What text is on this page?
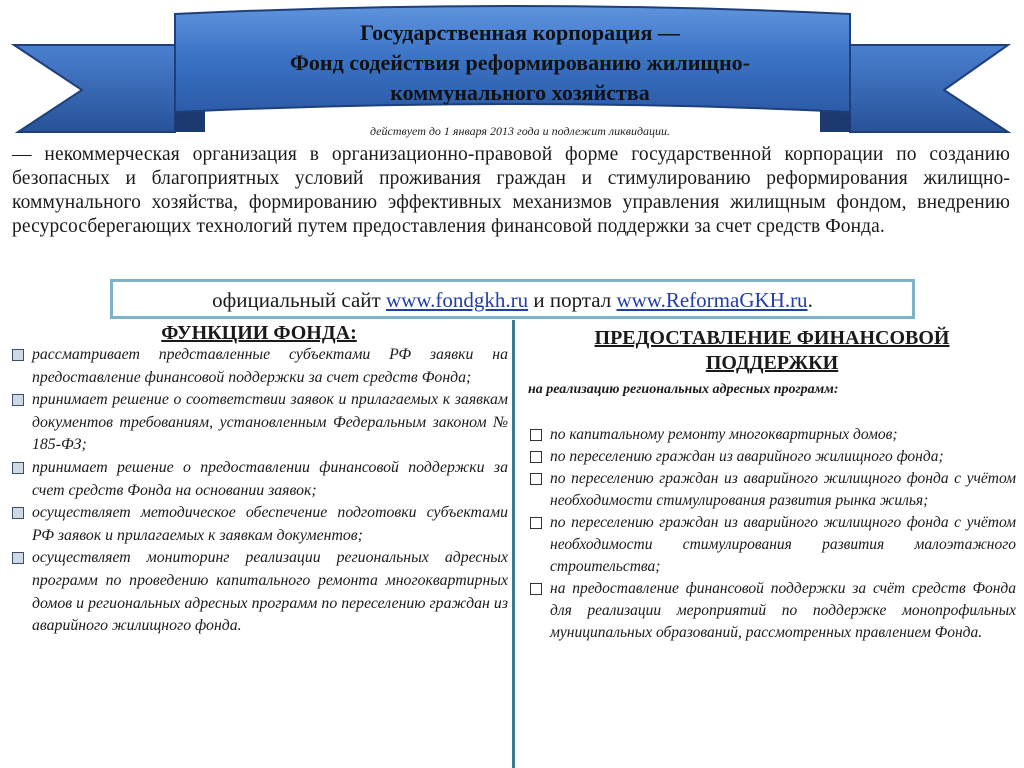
Государственная корпорация —
Фонд содействия реформированию жилищно-
коммунального хозяйства
действует до 1 января 2013 года и подлежит ликвидации.
— некоммерческая организация в организационно-правовой форме государственной корпорации по созданию безопасных и благоприятных условий проживания граждан и стимулированию реформирования жилищно-коммунального хозяйства, формированию эффективных механизмов управления жилищным фондом, внедрению ресурсосберегающих технологий путем предоставления финансовой поддержки за счет средств Фонда.
официальный сайт www.fondgkh.ru и портал www.ReformaGKH.ru.
ФУНКЦИИ ФОНДА:
рассматривает представленные субъектами РФ заявки на предоставление финансовой поддержки за счет средств Фонда;
принимает решение о соответствии заявок и прилагаемых к заявкам документов требованиям, установленным Федеральным законом № 185-ФЗ;
принимает решение о предоставлении финансовой поддержки за счет средств Фонда на основании заявок;
осуществляет методическое обеспечение подготовки субъектами РФ заявок и прилагаемых к заявкам документов;
осуществляет мониторинг реализации региональных адресных программ по проведению капитального ремонта многоквартирных домов и региональных адресных программ по переселению граждан из аварийного жилищного фонда.
ПРЕДОСТАВЛЕНИЕ ФИНАНСОВОЙ
ПОДДЕРЖКИ
на реализацию региональных адресных программ:
по капитальному ремонту многоквартирных домов;
по переселению граждан из аварийного жилищного фонда;
по переселению граждан из аварийного жилищного фонда с учётом необходимости стимулирования развития рынка жилья;
по переселению граждан из аварийного жилищного фонда с учётом необходимости стимулирования развития малоэтажного строительства;
на предоставление финансовой поддержки за счёт средств Фонда для реализации мероприятий по поддержке монопрофильных муниципальных образований, рассмотренных правлением Фонда.
